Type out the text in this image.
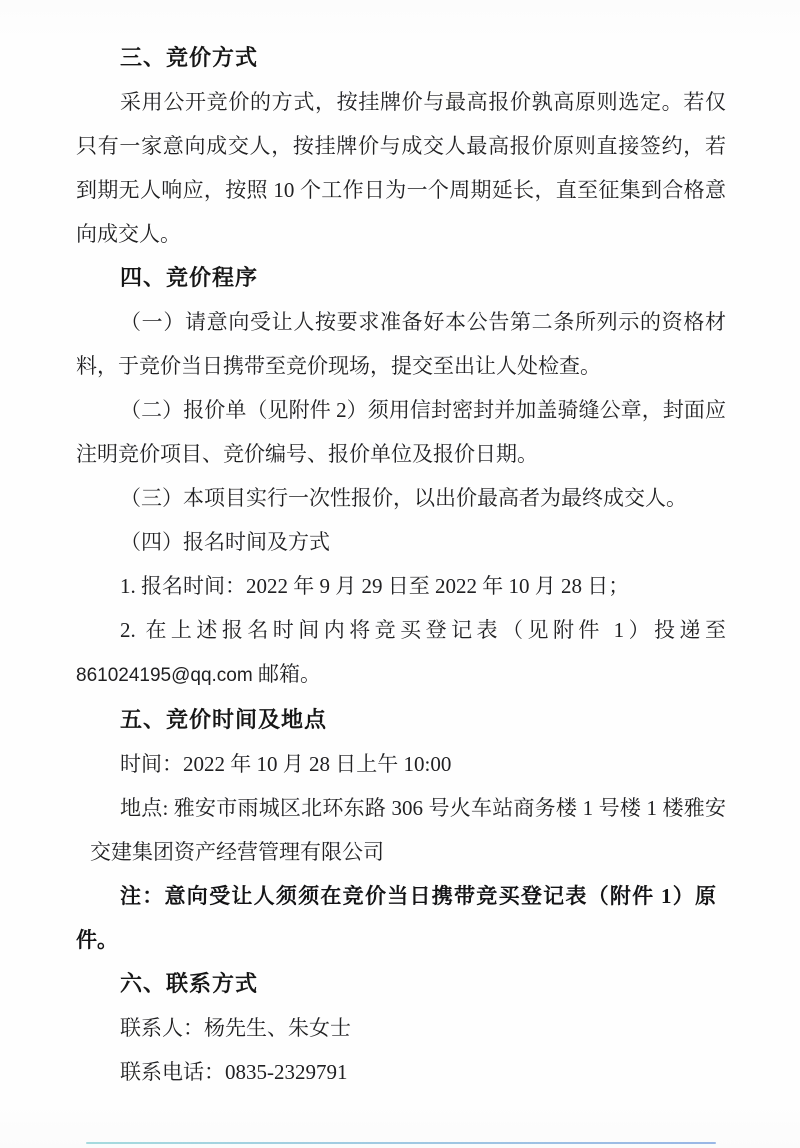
三、竞价方式

采用公开竞价的方式，按挂牌价与最高报价孰高原则选定。若仅只有一家意向成交人，按挂牌价与成交人最高报价原则直接签约，若到期无人响应，按照 10 个工作日为一个周期延长，直至征集到合格意向成交人。

四、竞价程序

（一）请意向受让人按要求准备好本公告第二条所列示的资格材料，于竞价当日携带至竞价现场，提交至出让人处检查。

（二）报价单（见附件 2）须用信封密封并加盖骑缝公章，封面应注明竞价项目、竞价编号、报价单位及报价日期。

（三）本项目实行一次性报价，以出价最高者为最终成交人。

（四）报名时间及方式

1. 报名时间：2022 年 9 月 29 日至 2022 年 10 月 28 日；

2. 在上述报名时间内将竞买登记表（见附件 1）投递至 861024195@qq.com 邮箱。

五、竞价时间及地点

时间：2022 年 10 月 28 日上午 10:00

地点: 雅安市雨城区北环东路 306 号火车站商务楼 1 号楼 1 楼雅安交建集团资产经营管理有限公司

注：意向受让人须须在竞价当日携带竞买登记表（附件 1）原件。

六、联系方式

联系人：杨先生、朱女士

联系电话：0835-2329791
